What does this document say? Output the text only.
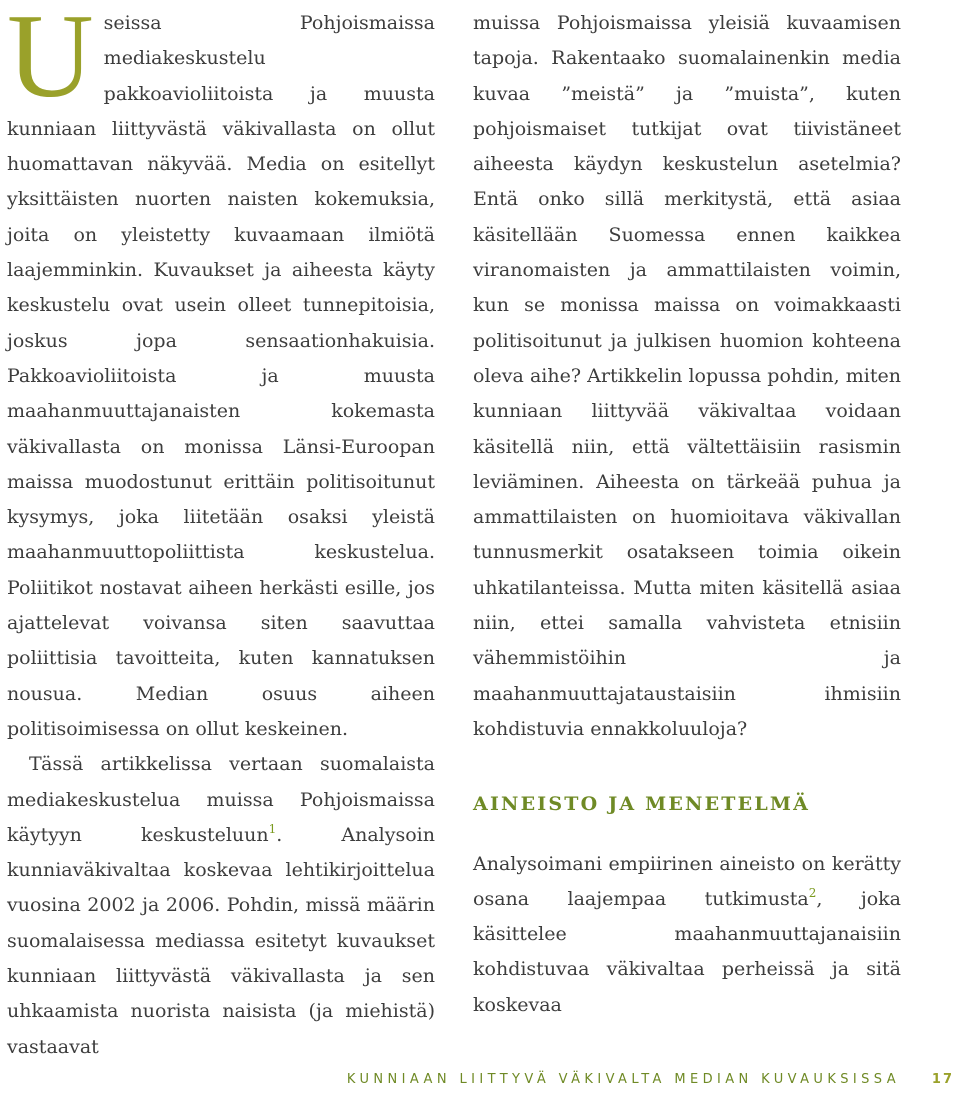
Useissa Pohjoismaissa mediakeskustelu pakkoavioliitoista ja muusta kunniaan liittyvästä väkivallasta on ollut huomattavan näkyvää. Media on esitellyt yksittäisten nuorten naisten kokemuksia, joita on yleistetty kuvaamaan ilmiötä laajemminkin. Kuvaukset ja aiheesta käyty keskustelu ovat usein olleet tunnepitoisia, joskus jopa sensaationhakuisia. Pakkoavioliitoista ja muusta maahanmuuttajanaisten kokemasta väkivallasta on monissa Länsi-Euroopan maissa muodostunut erittäin politisoitunut kysymys, joka liitetään osaksi yleistä maahanmuuttopoliittista keskustelua. Poliitikot nostavat aiheen herkästi esille, jos ajattelevat voivansa siten saavuttaa poliittisia tavoitteita, kuten kannatuksen nousua. Median osuus aiheen politisoimisessa on ollut keskeinen.

Tässä artikkelissa vertaan suomalaista mediakeskustelua muissa Pohjoismaissa käytyyn keskusteluun$^1$. Analysoin kunniaväkivaltaa koskevaa lehtikirjoittelua vuosina 2002 ja 2006. Pohdin, missä määrin suomalaisessa mediassa esitetyt kuvaukset kunniaan liittyvästä väkivallasta ja sen uhkaamista nuorista naisista (ja miehistä) vastaavat

muissa Pohjoismaissa yleisiä kuvaamisen tapoja. Rakentaako suomalainenkin media kuvaa ”meistä” ja ”muista”, kuten pohjoismaiset tutkijat ovat tiivistäneet aiheesta käydyn keskustelun asetelmia? Entä onko sillä merkitystä, että asiaa käsitellään Suomessa ennen kaikkea viranomaisten ja ammattilaisten voimin, kun se monissa maissa on voimakkaasti politisoitunut ja julkisen huomion kohteena oleva aihe? Artikkelin lopussa pohdin, miten kunniaan liittyvää väkivaltaa voidaan käsitellä niin, että vältettäisiin rasismin leviäminen. Aiheesta on tärkeää puhua ja ammattilaisten on huomioitava väkivallan tunnusmerkit osatakseen toimia oikein uhkatilanteissa. Mutta miten käsitellä asiaa niin, ettei samalla vahvisteta etnisiin vähemmistöihin ja maahanmuuttajataustaisiin ihmisiin kohdistuvia ennakkoluuloja?

AINEISTO JA MENETELMÄ

Analysoimani empiirinen aineisto on kerätty osana laajempaa tutkimusta$^2$, joka käsittelee maahanmuuttajanaisiin kohdistuvaa väkivaltaa perheissä ja sitä koskevaa

KUNNIAAN LIITTYVÄ VÄKIVALTA MEDIAN KUVAUKSISSA 17
